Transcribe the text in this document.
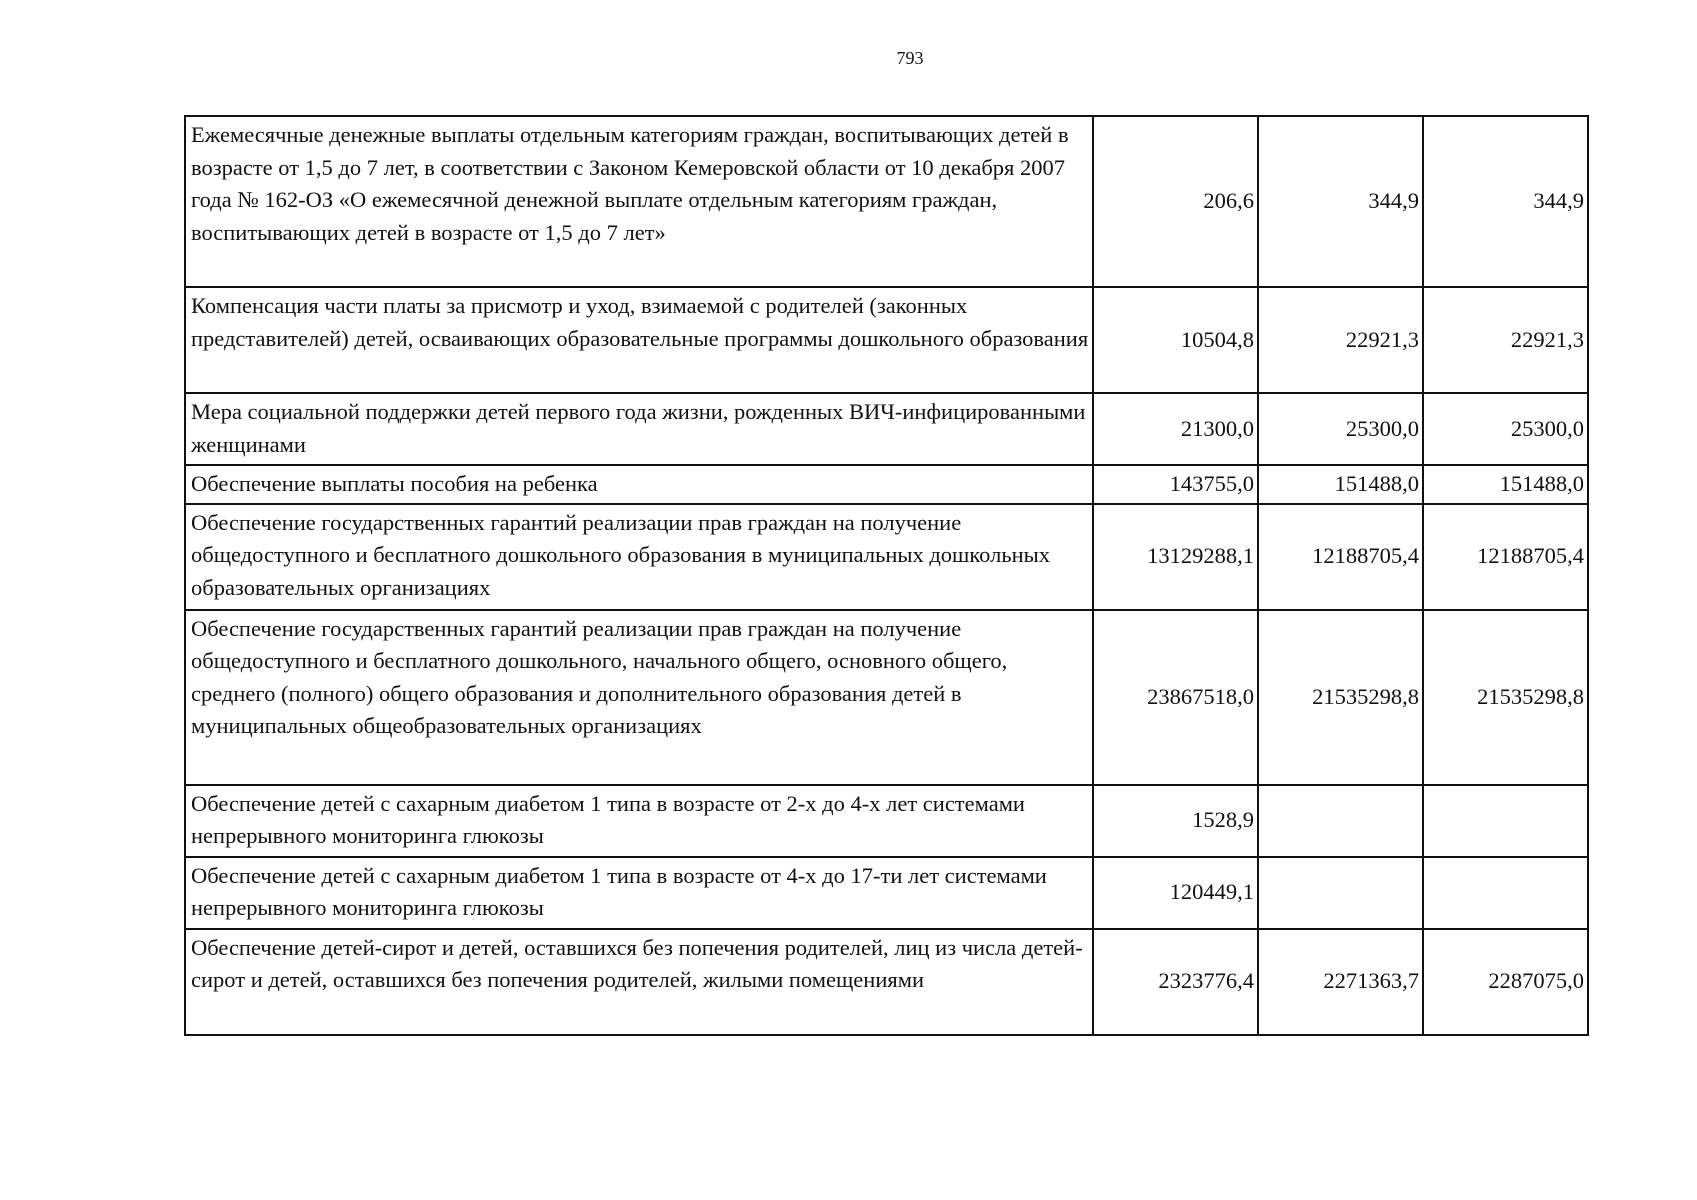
793
Ежемесячные денежные выплаты отдельным категориям граждан, воспитывающих детей в возрасте от 1,5 до 7 лет, в соответствии с Законом Кемеровской области от 10 декабря 2007 года № 162-ОЗ «О ежемесячной денежной выплате отдельным категориям граждан, воспитывающих детей в возрасте от 1,5 до 7 лет»	206,6	344,9	344,9
Компенсация части платы за присмотр и уход, взимаемой с родителей (законных представителей) детей, осваивающих образовательные программы дошкольного образования	10504,8	22921,3	22921,3
Мера социальной поддержки детей первого года жизни, рожденных ВИЧ-инфицированными женщинами	21300,0	25300,0	25300,0
Обеспечение выплаты пособия на ребенка	143755,0	151488,0	151488,0
Обеспечение государственных гарантий реализации прав граждан на получение общедоступного и бесплатного дошкольного образования в муниципальных дошкольных образовательных организациях	13129288,1	12188705,4	12188705,4
Обеспечение государственных гарантий реализации прав граждан на получение общедоступного и бесплатного дошкольного, начального общего, основного общего, среднего (полного) общего образования и дополнительного образования детей в муниципальных общеобразовательных организациях	23867518,0	21535298,8	21535298,8
Обеспечение детей с сахарным диабетом 1 типа в возрасте от 2-х до 4-х лет системами непрерывного мониторинга глюкозы	1528,9		
Обеспечение детей с сахарным диабетом 1 типа в возрасте от 4-х до 17-ти лет системами непрерывного мониторинга глюкозы	120449,1		
Обеспечение детей-сирот и детей, оставшихся без попечения родителей, лиц из числа детей-сирот и детей, оставшихся без попечения родителей, жилыми помещениями	2323776,4	2271363,7	2287075,0
